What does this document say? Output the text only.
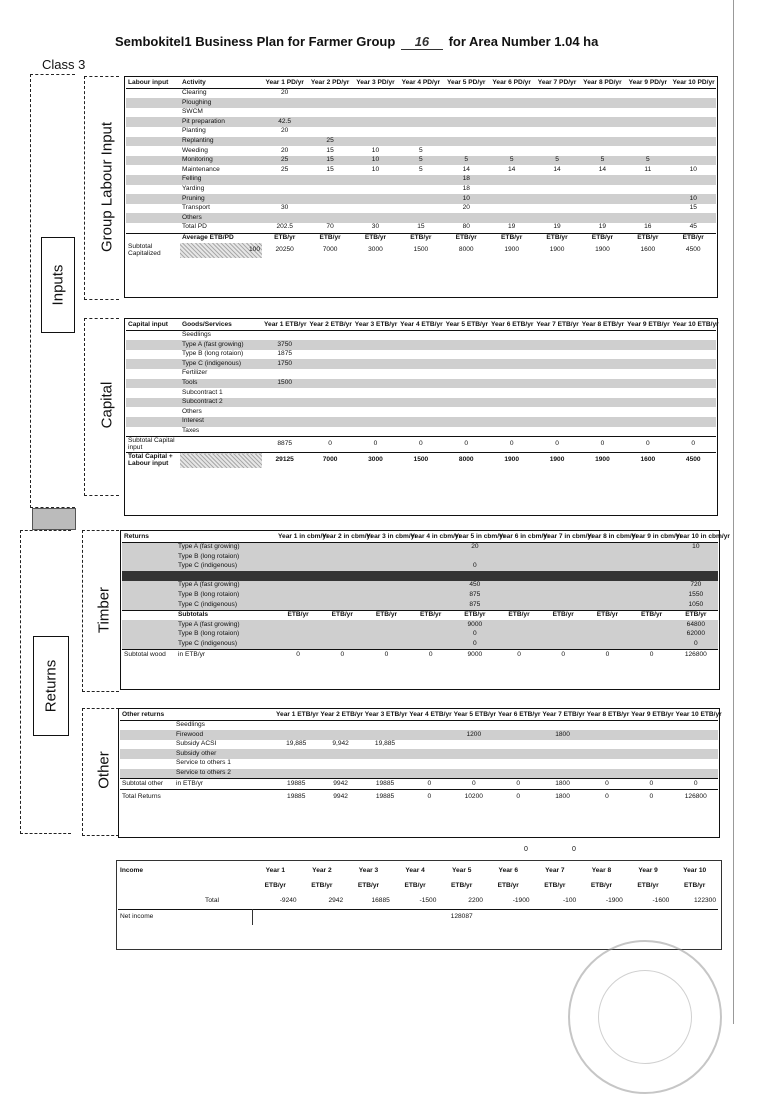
Sembokitel1 Business Plan for Farmer Group 16 for Area Number 1.04 ha
Class 3
Inputs
Returns
Group Labour Input
Capital
Timber
Other
Labour input	Activity	Year 1 PD/yr	Year 2 PD/yr	Year 3 PD/yr	Year 4 PD/yr	Year 5 PD/yr	Year 6 PD/yr	Year 7 PD/yr	Year 8 PD/yr	Year 9 PD/yr	Year 10 PD/yr
	Clearing	20									
	Ploughing										
	SWCM										
	Pit preparation	42.5									
	Planting	20									
	Replanting		25								
	Weeding	20	15	10	5						
	Monitoring	25	15	10	5	5	5	5	5	5	
	Maintenance	25	15	10	5	14	14	14	14	11	10
	Felling					18					
	Yarding					18					
	Pruning					10					10
	Transport	30				20					15
	Others										
	Total PD	202.5	70	30	15	80	19	19	19	16	45
	Average ETB/PD	ETB/yr	ETB/yr	ETB/yr	ETB/yr	ETB/yr	ETB/yr	ETB/yr	ETB/yr	ETB/yr	ETB/yr
Subtotal Capitalized	100	20250	7000	3000	1500	8000	1900	1900	1900	1600	4500
Capital input	Goods/Services	Year 1 ETB/yr	Year 2 ETB/yr	Year 3 ETB/yr	Year 4 ETB/yr	Year 5 ETB/yr	Year 6 ETB/yr	Year 7 ETB/yr	Year 8 ETB/yr	Year 9 ETB/yr	Year 10 ETB/yr
	Seedlings										
	Type A (fast growing)	3750									
	Type B (long rotaion)	1875									
	Type C (indigenous)	1750									
	Fertilizer										
	Tools	1500									
	Subcontract 1										
	Subcontract 2										
	Others										
	Interest										
	Taxes										
Subtotal Capital input		8875	0	0	0	0	0	0	0	0	0
Total Capital + Labour input		29125	7000	3000	1500	8000	1900	1900	1900	1600	4500
Returns		Year 1 in cbm/yr	Year 2 in cbm/yr	Year 3 in cbm/yr	Year 4 in cbm/yr	Year 5 in cbm/yr	Year 6 in cbm/yr	Year 7 in cbm/yr	Year 8 in cbm/yr	Year 9 in cbm/yr	Year 10 in cbm/yr
	Type A (fast growing)					20					10
	Type B (long rotaion)										
	Type C (indigenous)					0					

	Type A (fast growing)					450					720
	Type B (long rotaion)					875					1550
	Type C (indigenous)					875					1050
	Subtotals	ETB/yr	ETB/yr	ETB/yr	ETB/yr	ETB/yr	ETB/yr	ETB/yr	ETB/yr	ETB/yr	ETB/yr
	Type A (fast growing)					9000					64800
	Type B (long rotaion)					0					62000
	Type C (indigenous)					0					0
Subtotal wood	in ETB/yr	0	0	0	0	9000	0	0	0	0	126800
Other returns		Year 1 ETB/yr	Year 2 ETB/yr	Year 3 ETB/yr	Year 4 ETB/yr	Year 5 ETB/yr	Year 6 ETB/yr	Year 7 ETB/yr	Year 8 ETB/yr	Year 9 ETB/yr	Year 10 ETB/yr
	Seedlings										
	Firewood					1200		1800			
	Subsidy ACSI	19,885	9,942	19,885							
	Subsidy other										
	Service to others 1										
	Service to others 2										
Subtotal other	in ETB/yr	19885	9942	19885	0	0	0	1800	0	0	0
Total Returns		19885	9942	19885	0	10200	0	1800	0	0	126800
0	0
Income		Year 1	Year 2	Year 3	Year 4	Year 5	Year 6	Year 7	Year 8	Year 9	Year 10
		ETB/yr	ETB/yr	ETB/yr	ETB/yr	ETB/yr	ETB/yr	ETB/yr	ETB/yr	ETB/yr	ETB/yr
	Total	-9240	2942	16885	-1500	2200	-1900	-100	-1900	-1600	122300
Net income						128087					
